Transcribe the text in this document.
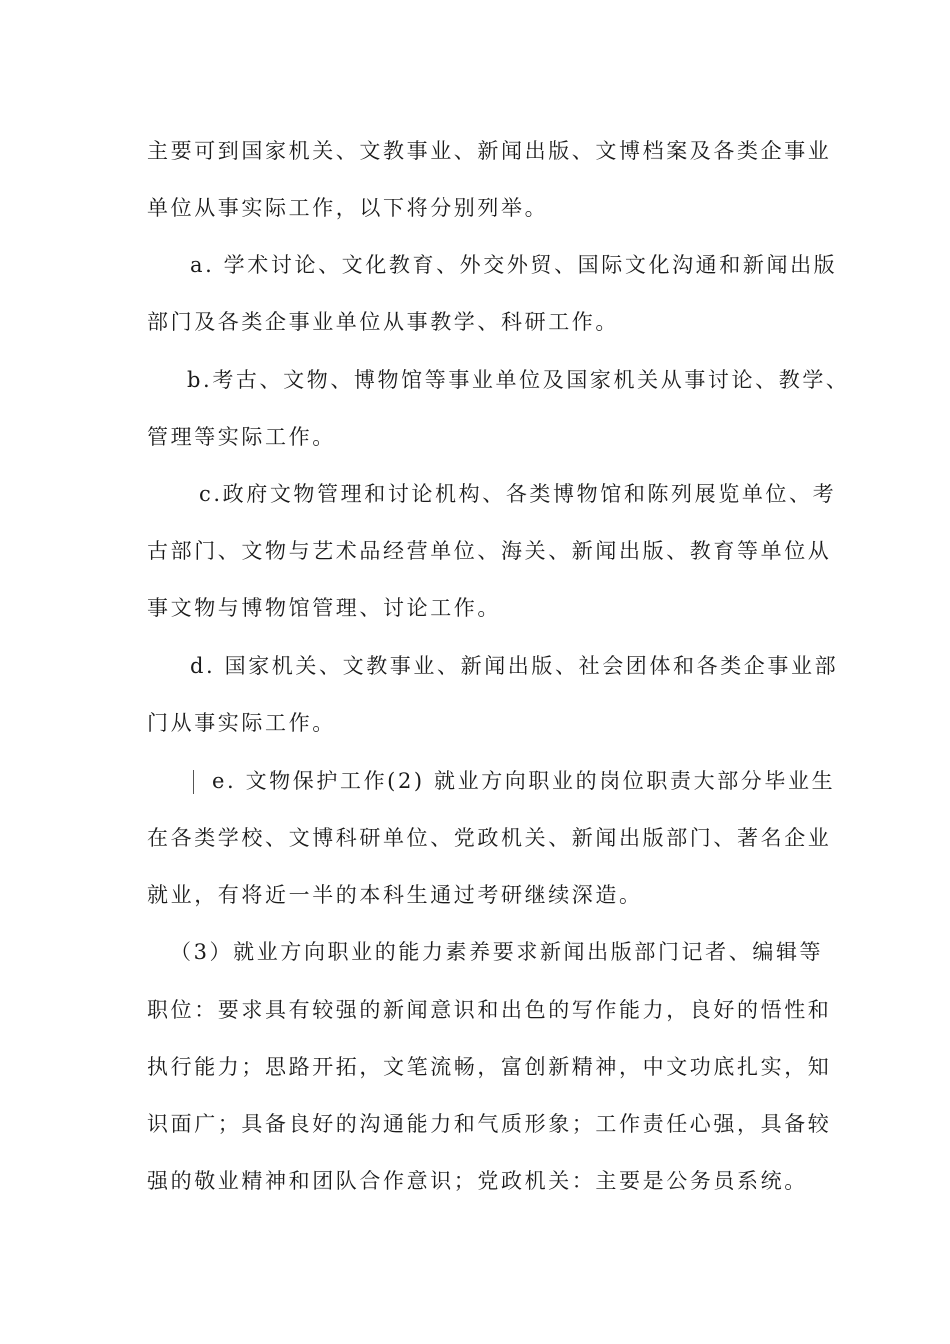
主要可到国家机关、文教事业、新闻出版、文博档案及各类企事业
单位从事实际工作，以下将分别列举。
a. 学术讨论、文化教育、外交外贸、国际文化沟通和新闻出版
部门及各类企事业单位从事教学、科研工作。
b.考古、文物、博物馆等事业单位及国家机关从事讨论、教学、
管理等实际工作。
c.政府文物管理和讨论机构、各类博物馆和陈列展览单位、考
古部门、文物与艺术品经营单位、海关、新闻出版、教育等单位从
事文物与博物馆管理、讨论工作。
d. 国家机关、文教事业、新闻出版、社会团体和各类企事业部
门从事实际工作。
e. 文物保护工作(2) 就业方向职业的岗位职责大部分毕业生
在各类学校、文博科研单位、党政机关、新闻出版部门、著名企业
就业，有将近一半的本科生通过考研继续深造。
（3）就业方向职业的能力素养要求新闻出版部门记者、编辑等
职位：要求具有较强的新闻意识和出色的写作能力，良好的悟性和
执行能力；思路开拓，文笔流畅，富创新精神，中文功底扎实，知
识面广；具备良好的沟通能力和气质形象；工作责任心强，具备较
强的敬业精神和团队合作意识；党政机关：主要是公务员系统。
